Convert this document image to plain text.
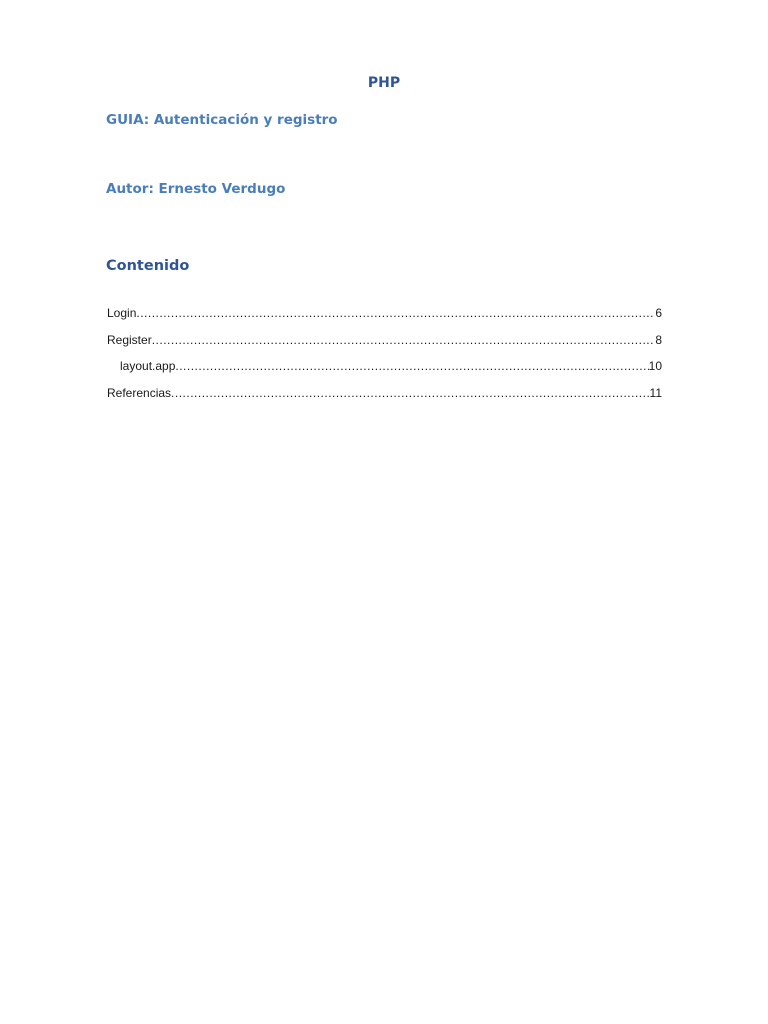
PHP
GUIA: Autenticación y registro
Autor: Ernesto Verdugo
Contenido
Login .....	6
Register .....	8
layout.app .....	10
Referencias .....	11
